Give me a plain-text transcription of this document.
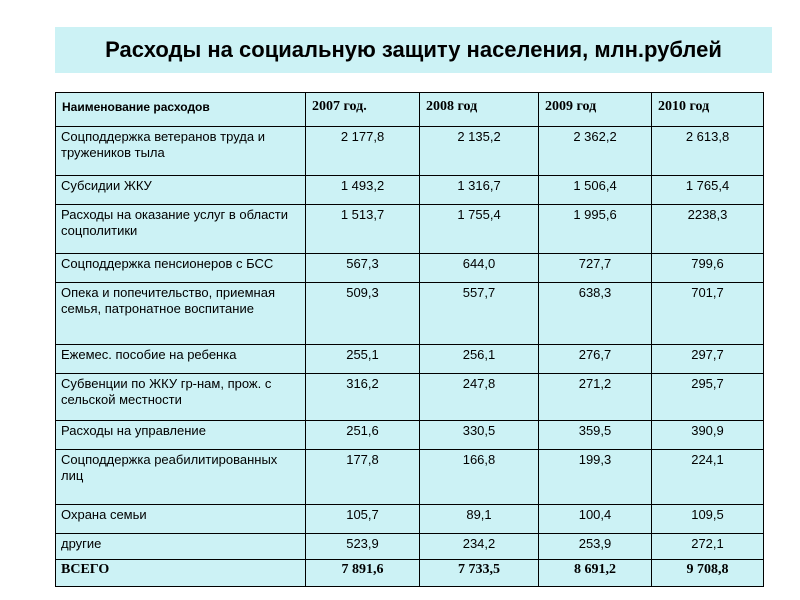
Расходы на социальную защиту населения, млн.рублей
Наименование расходов	2007 год.	2008 год	2009 год	2010 год
Соцподдержка ветеранов труда и тружеников тыла	2 177,8	2 135,2	2 362,2	2 613,8
Субсидии ЖКУ	1 493,2	1 316,7	1 506,4	1 765,4
Расходы на оказание услуг в области соцполитики	1 513,7	1 755,4	1 995,6	2238,3
Соцподдержка пенсионеров с БСС	567,3	644,0	727,7	799,6
Опека и попечительство, приемная семья, патронатное воспитание	509,3	557,7	638,3	701,7
Ежемес. пособие на ребенка	255,1	256,1	276,7	297,7
Субвенции по ЖКУ гр-нам, прож. с сельской местности	316,2	247,8	271,2	295,7
Расходы на управление	251,6	330,5	359,5	390,9
Соцподдержка реабилитированных лиц	177,8	166,8	199,3	224,1
Охрана семьи	105,7	89,1	100,4	109,5
другие	523,9	234,2	253,9	272,1
ВСЕГО	7 891,6	7 733,5	8 691,2	9 708,8
